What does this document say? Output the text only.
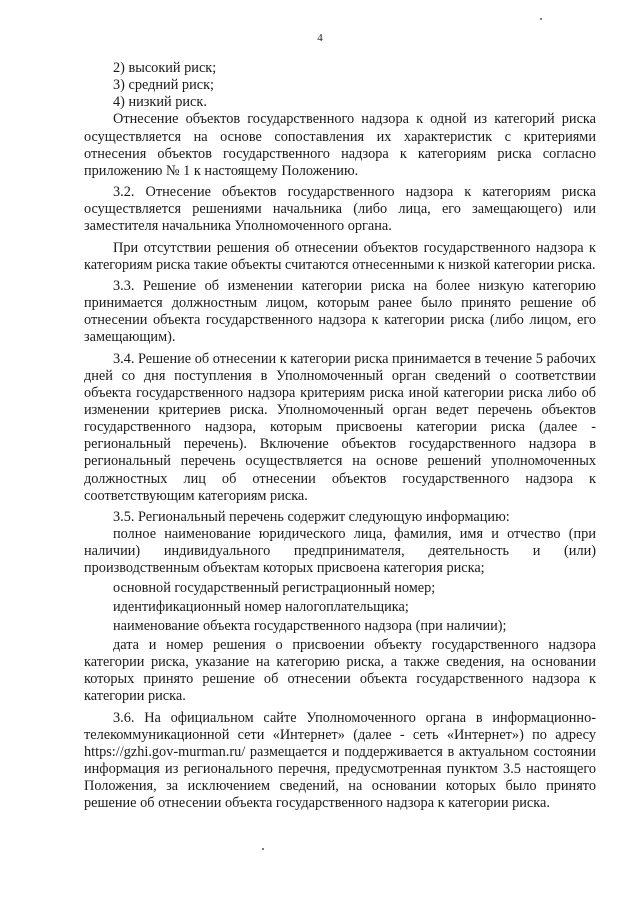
4

2) высокий риск;

3) средний риск;

4) низкий риск.

Отнесение объектов государственного надзора к одной из категорий риска осуществляется на основе сопоставления их характеристик с критериями отнесения объектов государственного надзора к категориям риска согласно приложению № 1 к настоящему Положению.

3.2. Отнесение объектов государственного надзора к категориям риска осуществляется решениями начальника (либо лица, его замещающего) или заместителя начальника Уполномоченного органа.

При отсутствии решения об отнесении объектов государственного надзора к категориям риска такие объекты считаются отнесенными к низкой категории риска.

3.3. Решение об изменении категории риска на более низкую категорию принимается должностным лицом, которым ранее было принято решение об отнесении объекта государственного надзора к категории риска (либо лицом, его замещающим).

3.4. Решение об отнесении к категории риска принимается в течение 5 рабочих дней со дня поступления в Уполномоченный орган сведений о соответствии объекта государственного надзора критериям риска иной категории риска либо об изменении критериев риска. Уполномоченный орган ведет перечень объектов государственного надзора, которым присвоены категории риска (далее - региональный перечень). Включение объектов государственного надзора в региональный перечень осуществляется на основе решений уполномоченных должностных лиц об отнесении объектов государственного надзора к соответствующим категориям риска.

3.5. Региональный перечень содержит следующую информацию:

полное наименование юридического лица, фамилия, имя и отчество (при наличии) индивидуального предпринимателя, деятельность и (или) производственным объектам которых присвоена категория риска;

основной государственный регистрационный номер;

идентификационный номер налогоплательщика;

наименование объекта государственного надзора (при наличии);

дата и номер решения о присвоении объекту государственного надзора категории риска, указание на категорию риска, а также сведения, на основании которых принято решение об отнесении объекта государственного надзора к категории риска.

3.6. На официальном сайте Уполномоченного органа в информационно-телекоммуникационной сети «Интернет» (далее - сеть «Интернет») по адресу https://gzhi.gov-murman.ru/ размещается и поддерживается в актуальном состоянии информация из регионального перечня, предусмотренная пунктом 3.5 настоящего Положения, за исключением сведений, на основании которых было принято решение об отнесении объекта государственного надзора к категории риска.
